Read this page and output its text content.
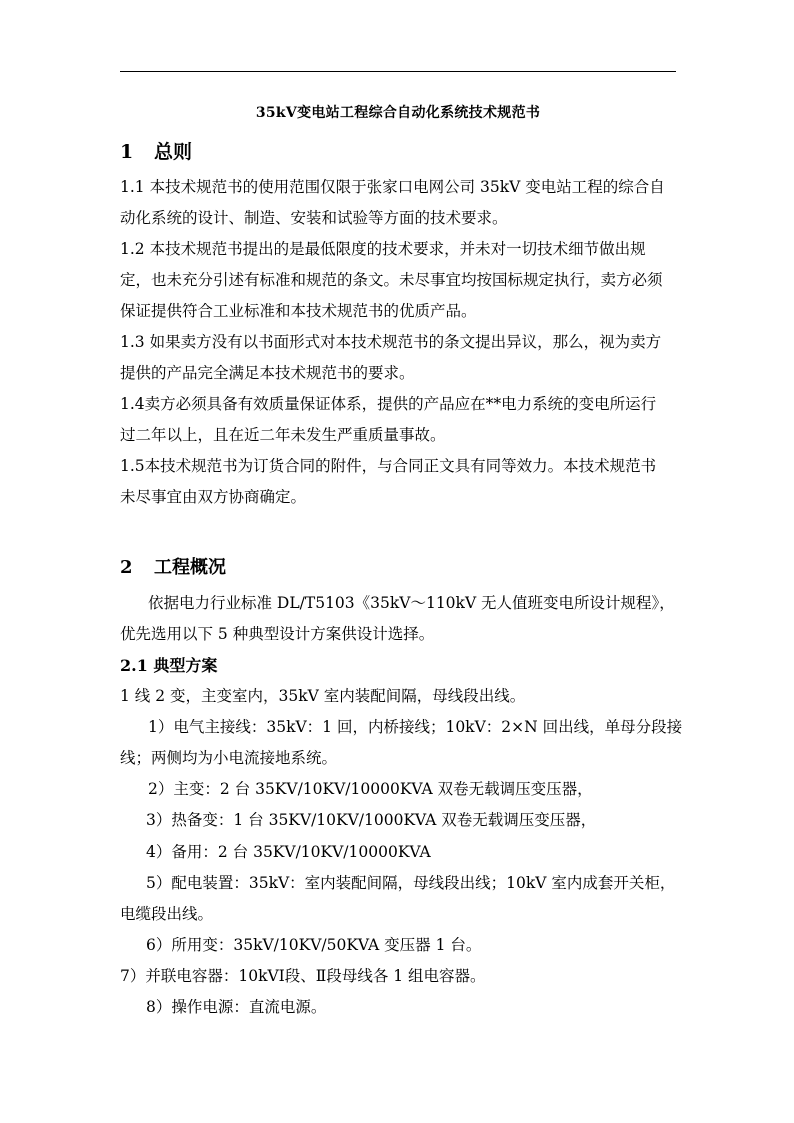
35kV变电站工程综合自动化系统技术规范书
1 总则
1.1 本技术规范书的使用范围仅限于张家口电网公司 35kV 变电站工程的综合自
动化系统的设计、制造、安装和试验等方面的技术要求。
1.2 本技术规范书提出的是最低限度的技术要求，并未对一切技术细节做出规
定，也未充分引述有标准和规范的条文。未尽事宜均按国标规定执行，卖方必须
保证提供符合工业标准和本技术规范书的优质产品。
1.3 如果卖方没有以书面形式对本技术规范书的条文提出异议，那么，视为卖方
提供的产品完全满足本技术规范书的要求。
1.4卖方必须具备有效质量保证体系，提供的产品应在**电力系统的变电所运行
过二年以上，且在近二年未发生严重质量事故。
1.5本技术规范书为订货合同的附件，与合同正文具有同等效力。本技术规范书
未尽事宜由双方协商确定。
2 工程概况
依据电力行业标准 DL/T5103《35kV～110kV 无人值班变电所设计规程》，
优先选用以下 5 种典型设计方案供设计选择。
2.1 典型方案
1 线 2 变，主变室内，35kV 室内装配间隔，母线段出线。
1）电气主接线：35kV：1 回，内桥接线；10kV：2×N 回出线，单母分段接
线；两侧均为小电流接地系统。
2）主变：2 台 35KV/10KV/10000KVA 双卷无载调压变压器，
3）热备变：1 台 35KV/10KV/1000KVA 双卷无载调压变压器，
4）备用：2 台 35KV/10KV/10000KVA
5）配电装置：35kV：室内装配间隔，母线段出线；10kV 室内成套开关柜，
电缆段出线。
6）所用变：35kV/10KV/50KVA 变压器 1 台。
7）并联电容器：10kVⅠ段、Ⅱ段母线各 1 组电容器。
8）操作电源：直流电源。
